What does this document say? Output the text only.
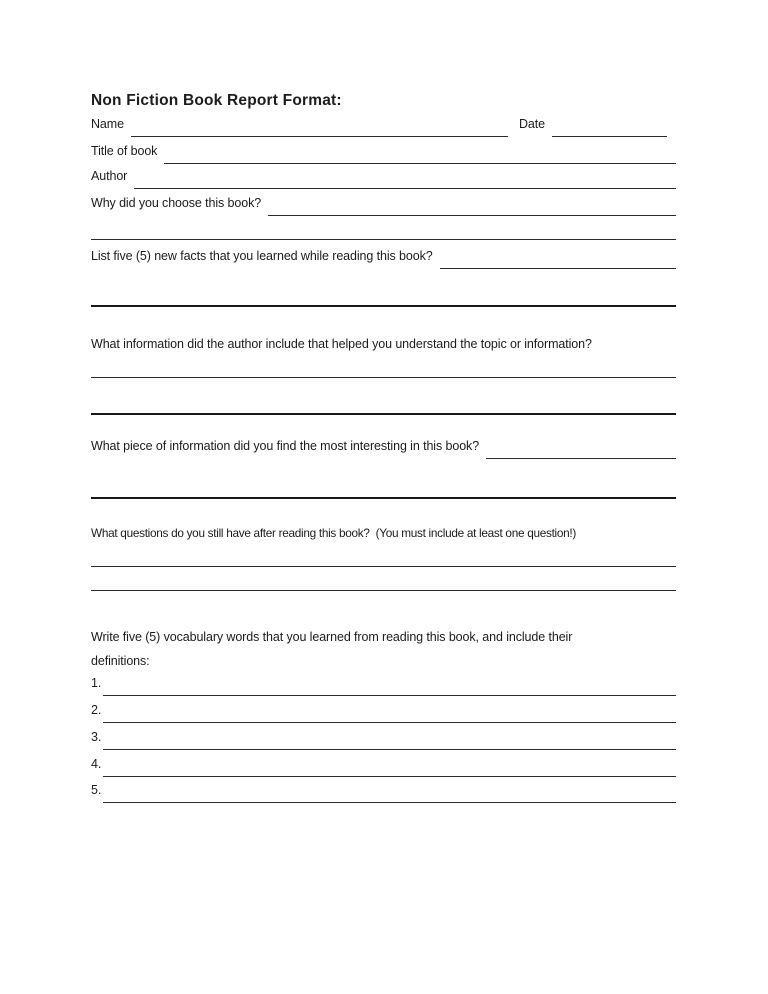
Non Fiction Book Report Format:
Name	Date
Title of book
Author
Why did you choose this book?
List five (5) new facts that you learned while reading this book?
What information did the author include that helped you understand the topic or information?
What piece of information did you find the most interesting in this book?
What questions do you still have after reading this book?  (You must include at least one question!)
Write five (5) vocabulary words that you learned from reading this book, and include their
definitions:
1.
2.
3.
4.
5.
